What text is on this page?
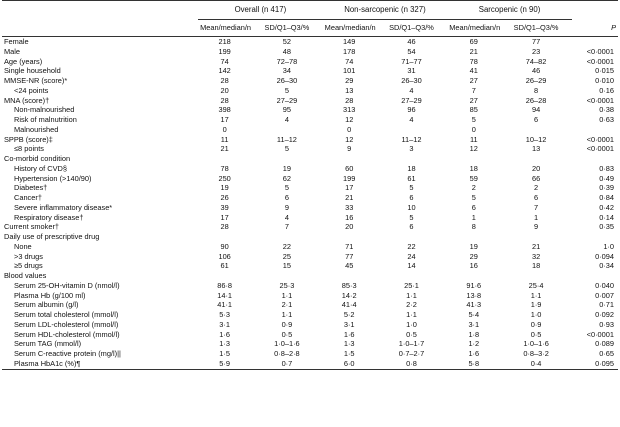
	Overall (n 417)		Non-sarcopenic (n 327)		Sarcopenic (n 90)		
	Mean/median/n	SD/Q1–Q3/%	Mean/median/n	SD/Q1–Q3/%	Mean/median/n	SD/Q1–Q3/%	P
Female	218	52	149	46	69	77	
Male	199	48	178	54	21	23	<0·0001
Age (years)	74	72–78	74	71–77	78	74–82	<0·0001
Single household	142	34	101	31	41	46	0·015
MMSE-NR (score)*	28	26–30	29	26–30	27	26–29	0·010
<24 points	20	5	13	4	7	8	0·16
MNA (score)†	28	27–29	28	27–29	27	26–28	<0·0001
Non-malnourished	398	95	313	96	85	94	0·38
Risk of malnutrition	17	4	12	4	5	6	0·63
Malnourished	0		0		0		
SPPB (score)‡	11	11–12	12	11–12	11	10–12	<0·0001
≤8 points	21	5	9	3	12	13	<0·0001
Co-morbid condition							
History of CVD§	78	19	60	18	18	20	0·83
Hypertension (>140/90)	250	62	199	61	59	66	0·49
Diabetes†	19	5	17	5	2	2	0·39
Cancer†	26	6	21	6	5	6	0·84
Severe inflammatory disease*	39	9	33	10	6	7	0·42
Respiratory disease†	17	4	16	5	1	1	0·14
Current smoker†	28	7	20	6	8	9	0·35
Daily use of prescriptive drug							
None	90	22	71	22	19	21	1·0
>3 drugs	106	25	77	24	29	32	0·094
≥5 drugs	61	15	45	14	16	18	0·34
Blood values							
Serum 25-OH-vitamin D (nmol/l)	86·8	25·3	85·3	25·1	91·6	25·4	0·040
Plasma Hb (g/100 ml)	14·1	1·1	14·2	1·1	13·8	1·1	0·007
Serum albumin (g/l)	41·1	2·1	41·4	2·2	41·3	1·9	0·71
Serum total cholesterol (mmol/l)	5·3	1·1	5·2	1·1	5·4	1·0	0·092
Serum LDL-cholesterol (mmol/l)	3·1	0·9	3·1	1·0	3·1	0·9	0·93
Serum HDL-cholesterol (mmol/l)	1·6	0·5	1·6	0·5	1·8	0·5	<0·0001
Serum TAG (mmol/l)	1·3	1·0–1·6	1·3	1·0–1·7	1·2	1·0–1·6	0·089
Serum C-reactive protein (mg/l)||	1·5	0·8–2·8	1·5	0·7–2·7	1·6	0·8–3·2	0·65
Plasma HbA1c (%)¶	5·9	0·7	6·0	0·8	5·8	0·4	0·095
